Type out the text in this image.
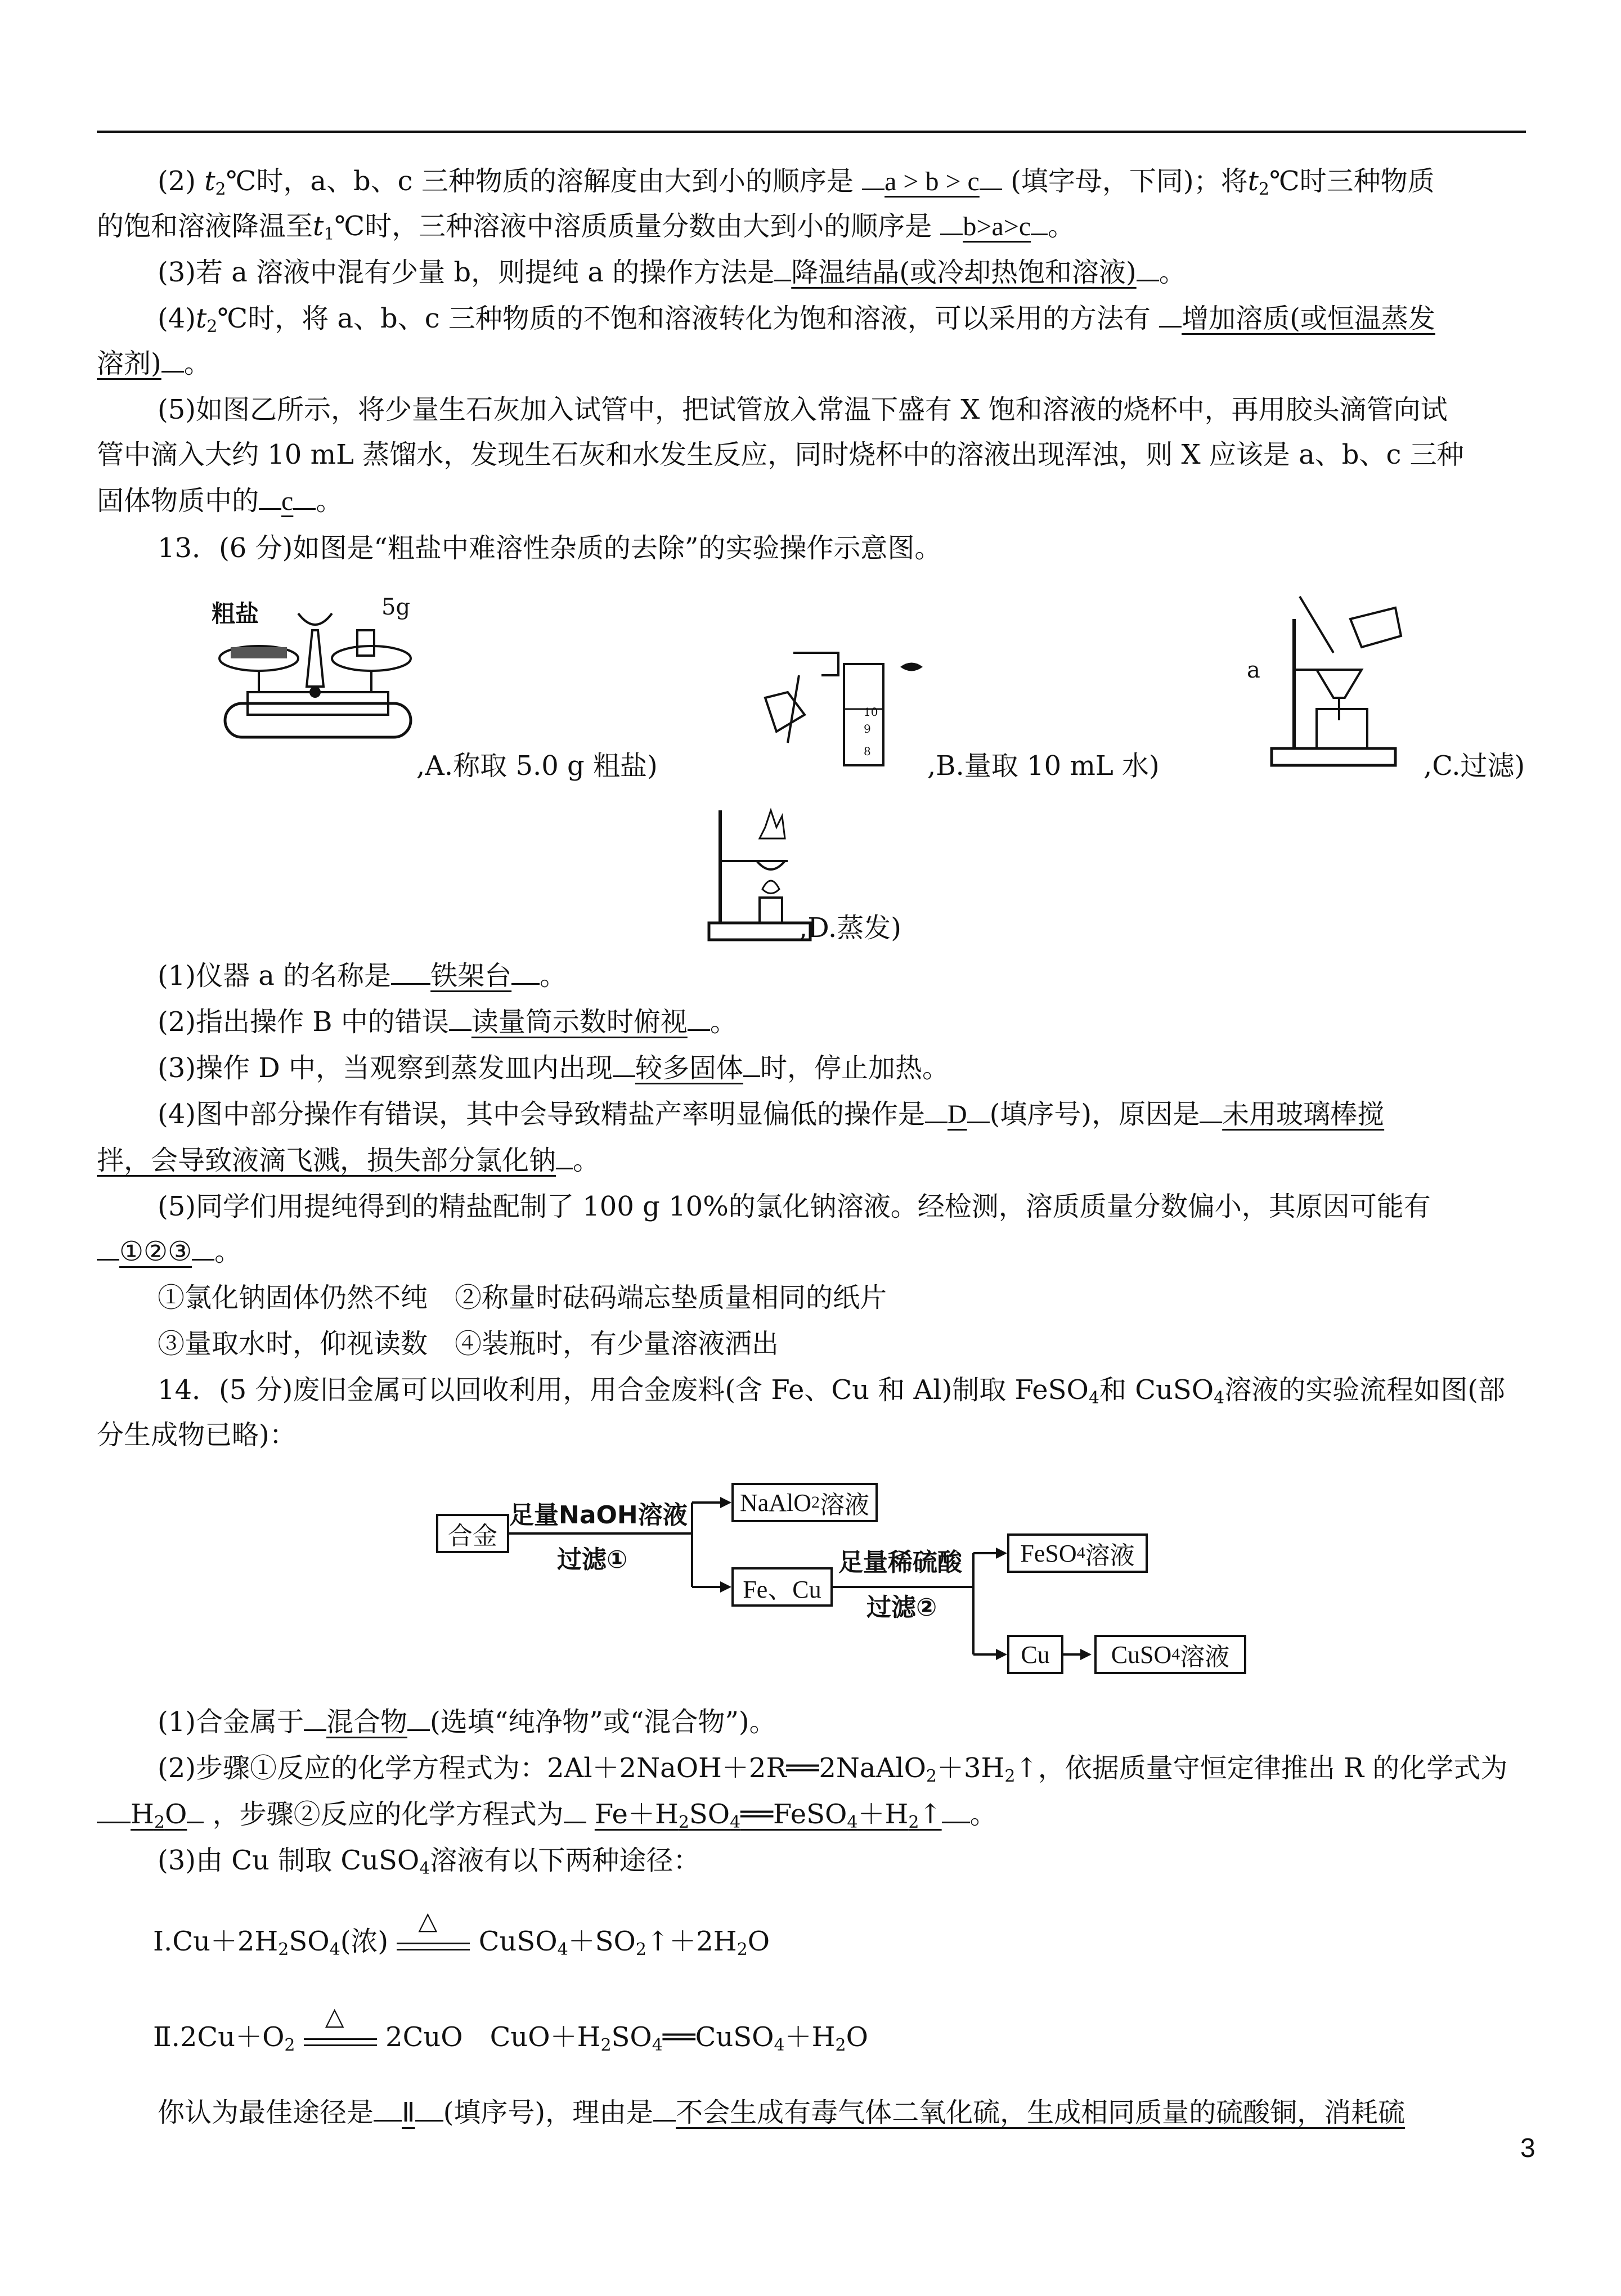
(2) $t_2℃$时，a、b、c 三种物质的溶解度由大到小的顺序是 a > b > c (填字母，下同)；将$t_2℃$时三种物质
的饱和溶液降温至$t_1℃$时，三种溶液中溶质质量分数由大到小的顺序是 b>a>c 。
(3)若 a 溶液中混有少量 b，则提纯 a 的操作方法是 降温结晶(或冷却热饱和溶液) 。
$(4)t_2℃$时，将 a、b、c 三种物质的不饱和溶液转化为饱和溶液，可以采用的方法有 增加溶质(或恒温蒸发
溶剂) 。
(5)如图乙所示，将少量生石灰加入试管中，把试管放入常温下盛有 X 饱和溶液的烧杯中，再用胶头滴管向试
管中滴入大约 10 mL 蒸馏水，发现生石灰和水发生反应，同时烧杯中的溶液出现浑浊，则 X 应该是 a、b、c 三种
固体物质中的 c 。
13．(6 分)如图是“粗盐中难溶性杂质的去除”的实验操作示意图。
粗盐	5g
,A.称取 5.0 g 粗盐)
10
9
8 ,B.量取 10 mL 水)
a
,C.过滤)
,D.蒸发)
(1)仪器 a 的名称是 铁架台 。
(2)指出操作 B 中的错误 读量筒示数时俯视 。
(3)操作 D 中，当观察到蒸发皿内出现 较多固体 时，停止加热。
(4)图中部分操作有错误，其中会导致精盐产率明显偏低的操作是 D (填序号)，原因是 未用玻璃棒搅
拌，会导致液滴飞溅，损失部分氯化钠 。
(5)同学们用提纯得到的精盐配制了 100 g 10%的氯化钠溶液。经检测，溶质质量分数偏小，其原因可能有
①②③ 。
①氯化钠固体仍然不纯　②称量时砝码端忘垫质量相同的纸片
③量取水时，仰视读数　④装瓶时，有少量溶液洒出
14．(5 分)废旧金属可以回收利用，用合金废料(含 Fe、Cu 和 Al)制取 FeSO$_4$和 CuSO$_4$溶液的实验流程如图(部
分生成物已略)：
合金
足量NaOH溶液
过滤①
NaAlO 2 溶液
Fe、Cu
足量稀硫酸
过滤②
FeSO 4 溶液
Cu CuSO 4 溶液
(1)合金属于 混合物 (选填“纯净物”或“混合物”)。
(2)步骤①反应的化学方程式为：$2Al+2NaOH+2R══2NaAlO_2+3H_2↑$，依据质量守恒定律推出 R 的化学式为
$H_2O$ ，步骤②反应的化学方程式为 $Fe+H_2SO_4══FeSO_4+H_2↑$ 。
(3)由 Cu 制取 CuSO$_4$溶液有以下两种途径：
$Ⅰ.Cu+2H_2SO_4$(浓)
△
$CuSO_4+SO_2↑+2H_2O$
$Ⅱ.2Cu+O_2$
△
2CuO　$CuO+H_2SO_4══CuSO_4+H_2O$
你认为最佳途径是 Ⅱ (填序号)，理由是 不会生成有毒气体二氧化硫，生成相同质量的硫酸铜，消耗硫
3
